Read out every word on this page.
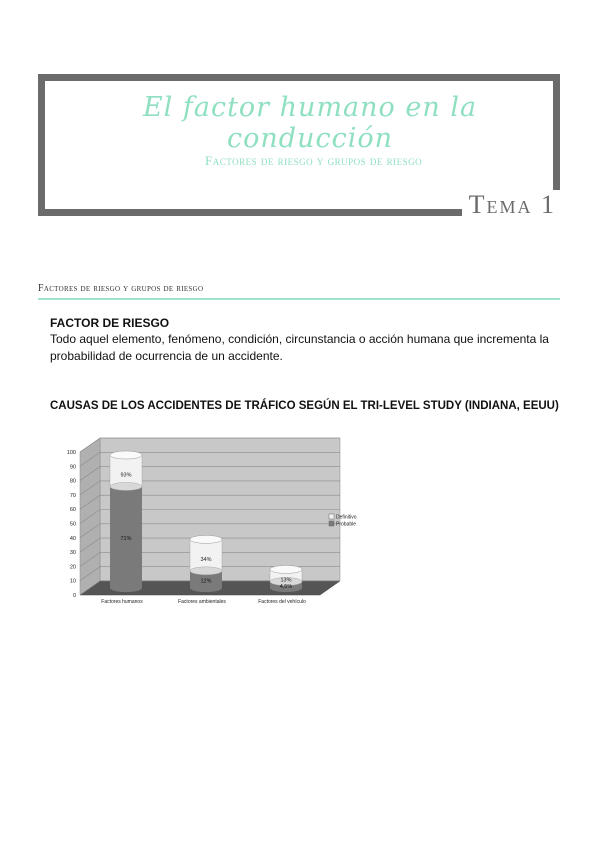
El factor humano en la conducción
Factores de riesgo y grupos de riesgo
Tema 1
Factores de riesgo y grupos de riesgo
FACTOR DE RIESGO
Todo aquel elemento, fenómeno, condición, circunstancia o acción humana que incrementa la probabilidad de ocurrencia de un accidente.
CAUSAS DE LOS ACCIDENTES DE TRÁFICO SEGÚN EL TRI-LEVEL STUDY (INDIANA, EEUU)
0
10
20
30
40
50
60
70
80
90
100
93%
71%
Factores humanos
34%
12%
Factores ambientales
13%
4,5%
Factores del vehículo
Definitivo
Probable
